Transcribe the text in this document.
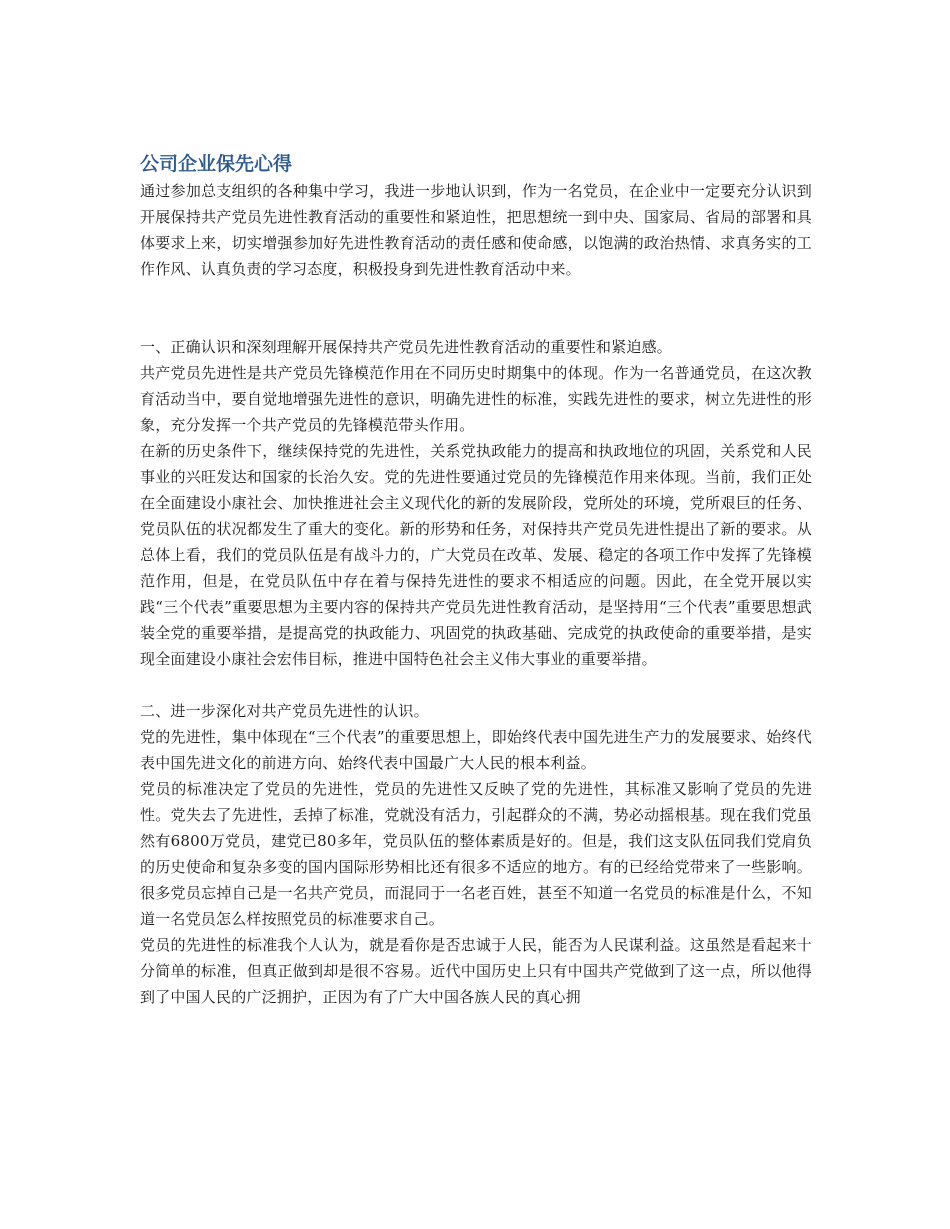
公司企业保先心得

通过参加总支组织的各种集中学习，我进一步地认识到，作为一名党员，在企业中一定要充分认识到开展保持共产党员先进性教育活动的重要性和紧迫性，把思想统一到中央、国家局、省局的部署和具体要求上来，切实增强参加好先进性教育活动的责任感和使命感，以饱满的政治热情、求真务实的工作作风、认真负责的学习态度，积极投身到先进性教育活动中来。

一、正确认识和深刻理解开展保持共产党员先进性教育活动的重要性和紧迫感。

共产党员先进性是共产党员先锋模范作用在不同历史时期集中的体现。作为一名普通党员，在这次教育活动当中，要自觉地增强先进性的意识，明确先进性的标准，实践先进性的要求，树立先进性的形象，充分发挥一个共产党员的先锋模范带头作用。

在新的历史条件下，继续保持党的先进性，关系党执政能力的提高和执政地位的巩固，关系党和人民事业的兴旺发达和国家的长治久安。党的先进性要通过党员的先锋模范作用来体现。当前，我们正处在全面建设小康社会、加快推进社会主义现代化的新的发展阶段，党所处的环境，党所艰巨的任务、党员队伍的状况都发生了重大的变化。新的形势和任务，对保持共产党员先进性提出了新的要求。从总体上看，我们的党员队伍是有战斗力的，广大党员在改革、发展、稳定的各项工作中发挥了先锋模范作用，但是，在党员队伍中存在着与保持先进性的要求不相适应的问题。因此，在全党开展以实践“三个代表”重要思想为主要内容的保持共产党员先进性教育活动，是坚持用“三个代表”重要思想武装全党的重要举措，是提高党的执政能力、巩固党的执政基础、完成党的执政使命的重要举措，是实现全面建设小康社会宏伟目标，推进中国特色社会主义伟大事业的重要举措。

二、进一步深化对共产党员先进性的认识。

党的先进性，集中体现在“三个代表”的重要思想上，即始终代表中国先进生产力的发展要求、始终代表中国先进文化的前进方向、始终代表中国最广大人民的根本利益。

党员的标准决定了党员的先进性，党员的先进性又反映了党的先进性，其标准又影响了党员的先进性。党失去了先进性，丢掉了标准，党就没有活力，引起群众的不满，势必动摇根基。现在我们党虽然有6800万党员，建党已80多年，党员队伍的整体素质是好的。但是，我们这支队伍同我们党肩负的历史使命和复杂多变的国内国际形势相比还有很多不适应的地方。有的已经给党带来了一些影响。很多党员忘掉自己是一名共产党员，而混同于一名老百姓，甚至不知道一名党员的标准是什么，不知道一名党员怎么样按照党员的标准要求自己。

党员的先进性的标准我个人认为，就是看你是否忠诚于人民，能否为人民谋利益。这虽然是看起来十分简单的标准，但真正做到却是很不容易。近代中国历史上只有中国共产党做到了这一点，所以他得到了中国人民的广泛拥护，正因为有了广大中国各族人民的真心拥
